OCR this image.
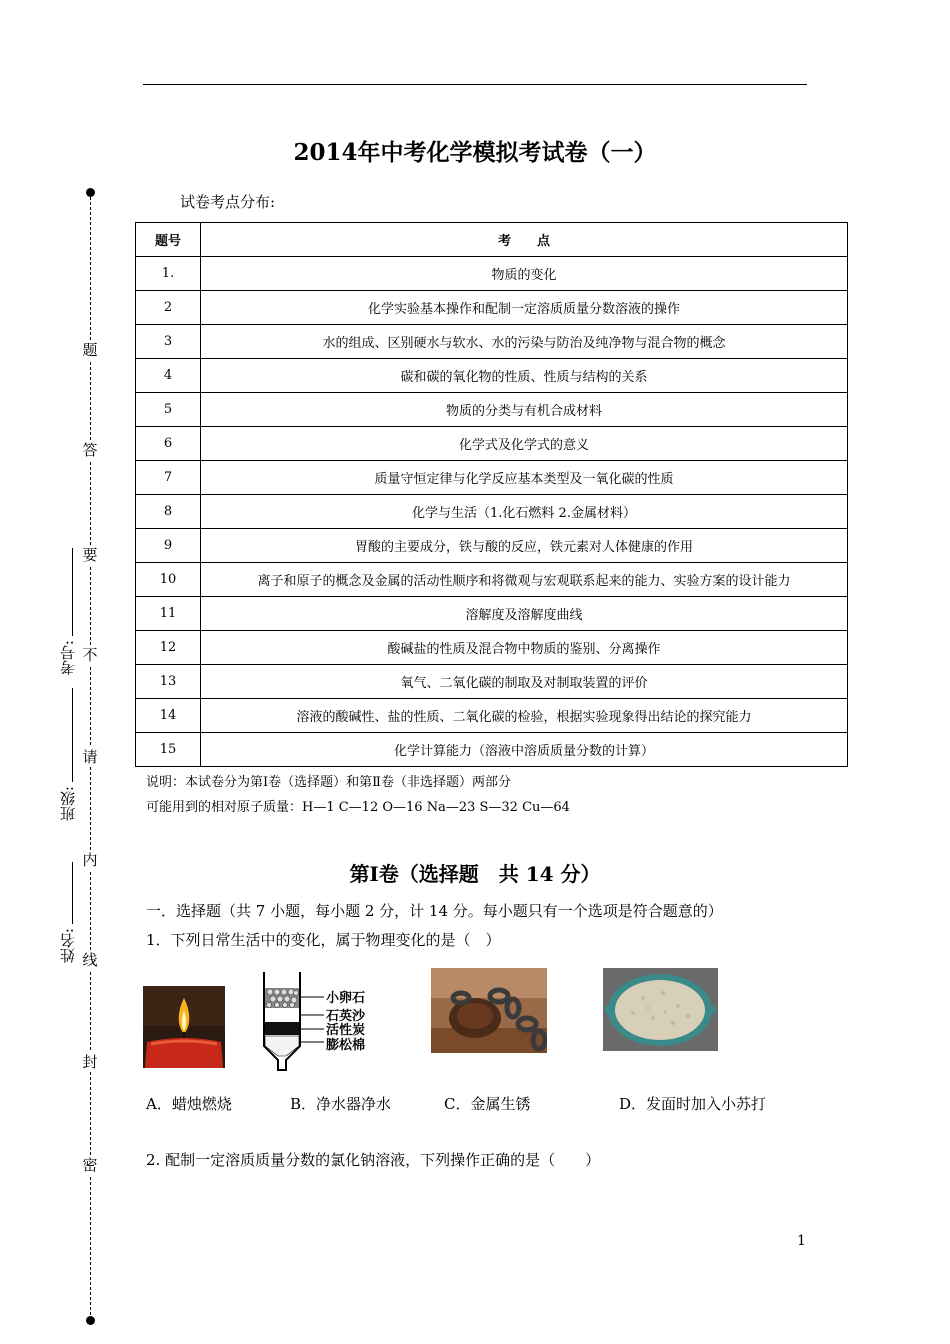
2014年中考化学模拟考试卷（一）
试卷考点分布:
题号	考　　点
1.	物质的变化
2	化学实验基本操作和配制一定溶质质量分数溶液的操作
3	水的组成、区别硬水与软水、水的污染与防治及纯净物与混合物的概念
4	碳和碳的氧化物的性质、性质与结构的关系
5	物质的分类与有机合成材料
6	化学式及化学式的意义
7	质量守恒定律与化学反应基本类型及一氧化碳的性质
8	化学与生活（1.化石燃料 2.金属材料）
9	胃酸的主要成分，铁与酸的反应，铁元素对人体健康的作用
10	离子和原子的概念及金属的活动性顺序和将微观与宏观联系起来的能力、实验方案的设计能力
11	溶解度及溶解度曲线
12	酸碱盐的性质及混合物中物质的鉴别、分离操作
13	氧气、二氧化碳的制取及对制取装置的评价
14	溶液的酸碱性、盐的性质、二氧化碳的检验，根据实验现象得出结论的探究能力
15	化学计算能力（溶液中溶质质量分数的计算）
说明：本试卷分为第Ⅰ卷（选择题）和第Ⅱ卷（非选择题）两部分
可能用到的相对原子质量：H—1 C—12 O—16 Na—23 S—32 Cu—64
第Ⅰ卷（选择题　共 14 分）
一．选择题（共 7 小题，每小题 2 分，计 14 分。每小题只有一个选项是符合题意的）
1．下列日常生活中的变化，属于物理变化的是（　）
小卵石
石英沙
活性炭
膨松棉
A．蜡烛燃烧	B．净水器净水	C．金属生锈	D．发面时加入小苏打
2. 配制一定溶质质量分数的氯化钠溶液，下列操作正确的是（　　）
1
题
答
要
不
请
内
线
封
密
姓名:
班级:
考号:
